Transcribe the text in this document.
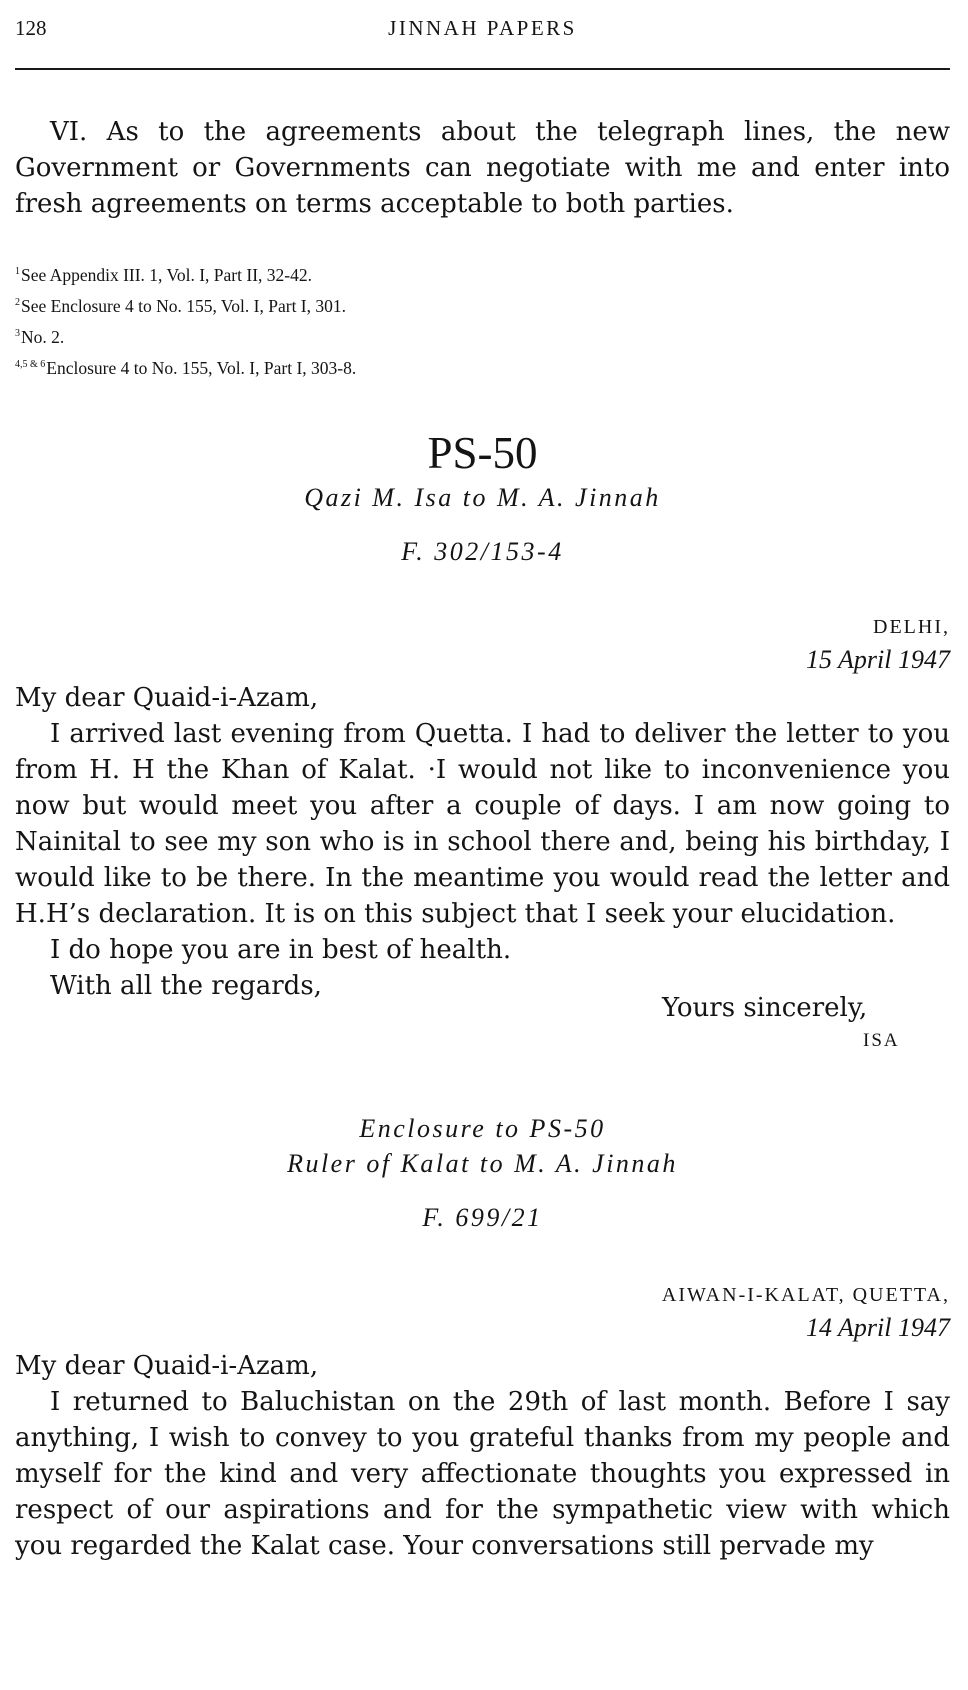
128	JINNAH PAPERS

VI. As to the agreements about the telegraph lines, the new Government or Governments can negotiate with me and enter into fresh agreements on terms acceptable to both parties.

$^1$See Appendix III. 1, Vol. I, Part II, 32-42.
$^2$See Enclosure 4 to No. 155, Vol. I, Part I, 301.
$^3$No. 2.
$^{4,5 \& 6}$Enclosure 4 to No. 155, Vol. I, Part I, 303-8.
PS-50
Qazi M. Isa to M. A. Jinnah
F. 302/153-4
DELHI,
15 April 1947

My dear Quaid-i-Azam,

I arrived last evening from Quetta. I had to deliver the letter to you from H. H the Khan of Kalat. ·I would not like to inconvenience you now but would meet you after a couple of days. I am now going to Nainital to see my son who is in school there and, being his birthday, I would like to be there. In the meantime you would read the letter and H.H’s declaration. It is on this subject that I seek your elucidation.

I do hope you are in best of health.

With all the regards,

Yours sincerely,
ISA
Enclosure to PS-50
Ruler of Kalat to M. A. Jinnah
F. 699/21
AIWAN-I-KALAT, QUETTA,
14 April 1947

My dear Quaid-i-Azam,

I returned to Baluchistan on the 29th of last month. Before I say anything, I wish to convey to you grateful thanks from my people and myself for the kind and very affectionate thoughts you expressed in respect of our aspirations and for the sympathetic view with which you regarded the Kalat case. Your conversations still pervade my
